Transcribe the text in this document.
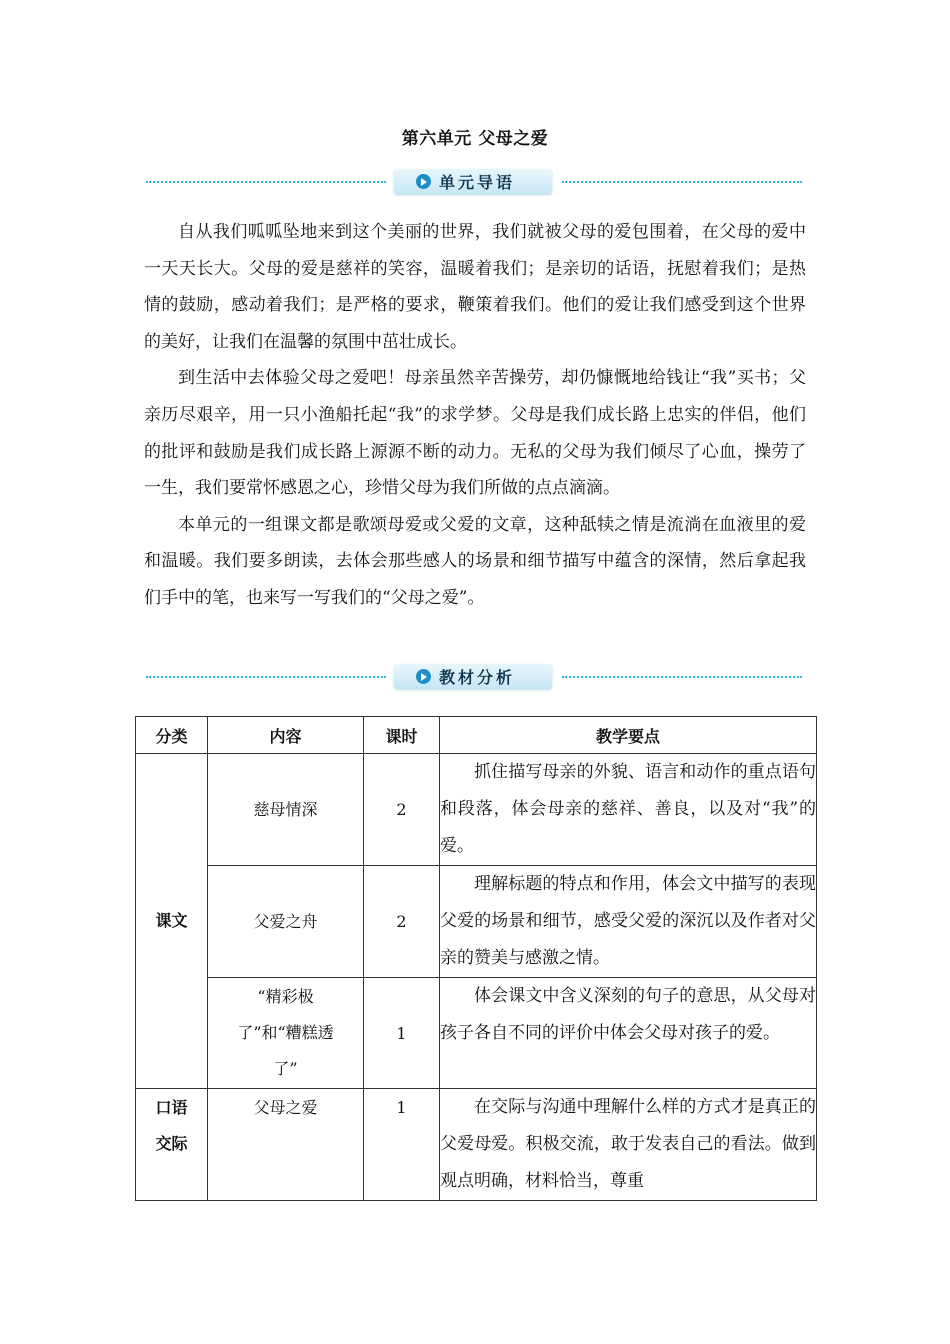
第六单元 父母之爱
单元导语

自从我们呱呱坠地来到这个美丽的世界，我们就被父母的爱包围着，在父母的爱中一天天长大。父母的爱是慈祥的笑容，温暖着我们；是亲切的话语，抚慰着我们；是热情的鼓励，感动着我们；是严格的要求，鞭策着我们。他们的爱让我们感受到这个世界的美好，让我们在温馨的氛围中茁壮成长。

到生活中去体验父母之爱吧！母亲虽然辛苦操劳，却仍慷慨地给钱让“我”买书；父亲历尽艰辛，用一只小渔船托起“我”的求学梦。父母是我们成长路上忠实的伴侣，他们的批评和鼓励是我们成长路上源源不断的动力。无私的父母为我们倾尽了心血，操劳了一生，我们要常怀感恩之心，珍惜父母为我们所做的点点滴滴。

本单元的一组课文都是歌颂母爱或父爱的文章，这种舐犊之情是流淌在血液里的爱和温暖。我们要多朗读，去体会那些感人的场景和细节描写中蕴含的深情，然后拿起我们手中的笔，也来写一写我们的“父母之爱”。

教材分析
分类	内容	课时	教学要点
课文	慈母情深	2	抓住描写母亲的外貌、语言和动作的重点语句和段落，体会母亲的慈祥、善良，以及对“我”的爱。

	父爱之舟	2	理解标题的特点和作用，体会文中描写的表现父爱的场景和细节，感受父爱的深沉以及作者对父亲的赞美与感激之情。

	“精彩极了”和“糟糕透了”	1	体会课文中含义深刻的句子的意思，从父母对孩子各自不同的评价中体会父母对孩子的爱。

口语交际	父母之爱	1	在交际与沟通中理解什么样的方式才是真正的父爱母爱。积极交流，敢于发表自己的看法。做到观点明确，材料恰当，尊重
